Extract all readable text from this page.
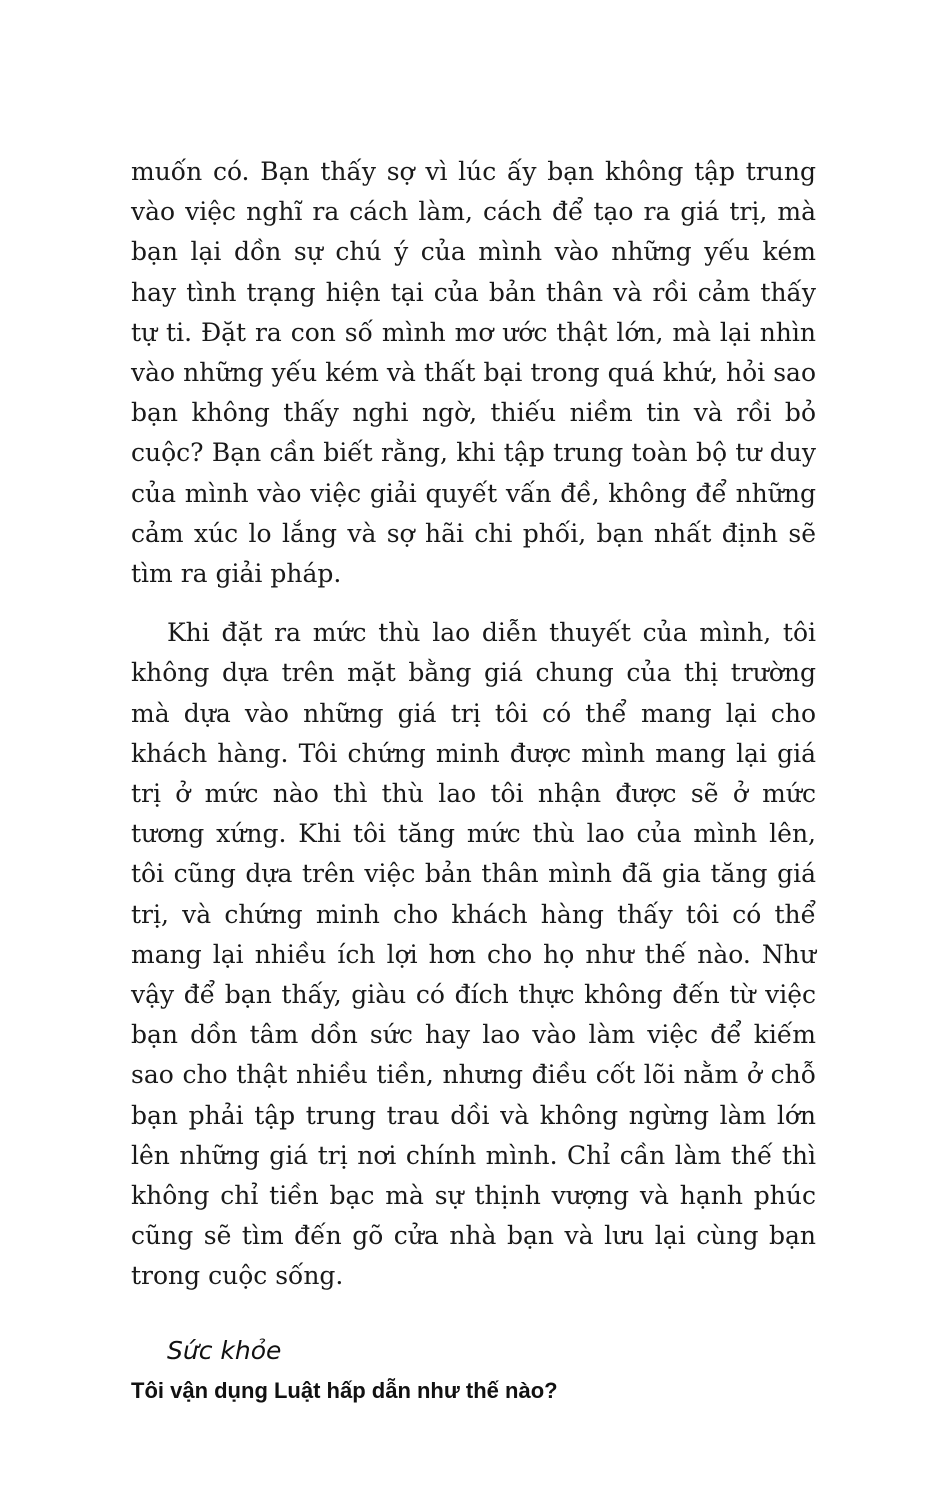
muốn có. Bạn thấy sợ vì lúc ấy bạn không tập trung vào việc nghĩ ra cách làm, cách để tạo ra giá trị, mà bạn lại dồn sự chú ý của mình vào những yếu kém hay tình trạng hiện tại của bản thân và rồi cảm thấy tự ti. Đặt ra con số mình mơ ước thật lớn, mà lại nhìn vào những yếu kém và thất bại trong quá khứ, hỏi sao bạn không thấy nghi ngờ, thiếu niềm tin và rồi bỏ cuộc? Bạn cần biết rằng, khi tập trung toàn bộ tư duy của mình vào việc giải quyết vấn đề, không để những cảm xúc lo lắng và sợ hãi chi phối, bạn nhất định sẽ tìm ra giải pháp.

Khi đặt ra mức thù lao diễn thuyết của mình, tôi không dựa trên mặt bằng giá chung của thị trường mà dựa vào những giá trị tôi có thể mang lại cho khách hàng. Tôi chứng minh được mình mang lại giá trị ở mức nào thì thù lao tôi nhận được sẽ ở mức tương xứng. Khi tôi tăng mức thù lao của mình lên, tôi cũng dựa trên việc bản thân mình đã gia tăng giá trị, và chứng minh cho khách hàng thấy tôi có thể mang lại nhiều ích lợi hơn cho họ như thế nào. Như vậy để bạn thấy, giàu có đích thực không đến từ việc bạn dồn tâm dồn sức hay lao vào làm việc để kiếm sao cho thật nhiều tiền, nhưng điều cốt lõi nằm ở chỗ bạn phải tập trung trau dồi và không ngừng làm lớn lên những giá trị nơi chính mình. Chỉ cần làm thế thì không chỉ tiền bạc mà sự thịnh vượng và hạnh phúc cũng sẽ tìm đến gõ cửa nhà bạn và lưu lại cùng bạn trong cuộc sống.

Sức khỏe
Tôi vận dụng Luật hấp dẫn như thế nào?
